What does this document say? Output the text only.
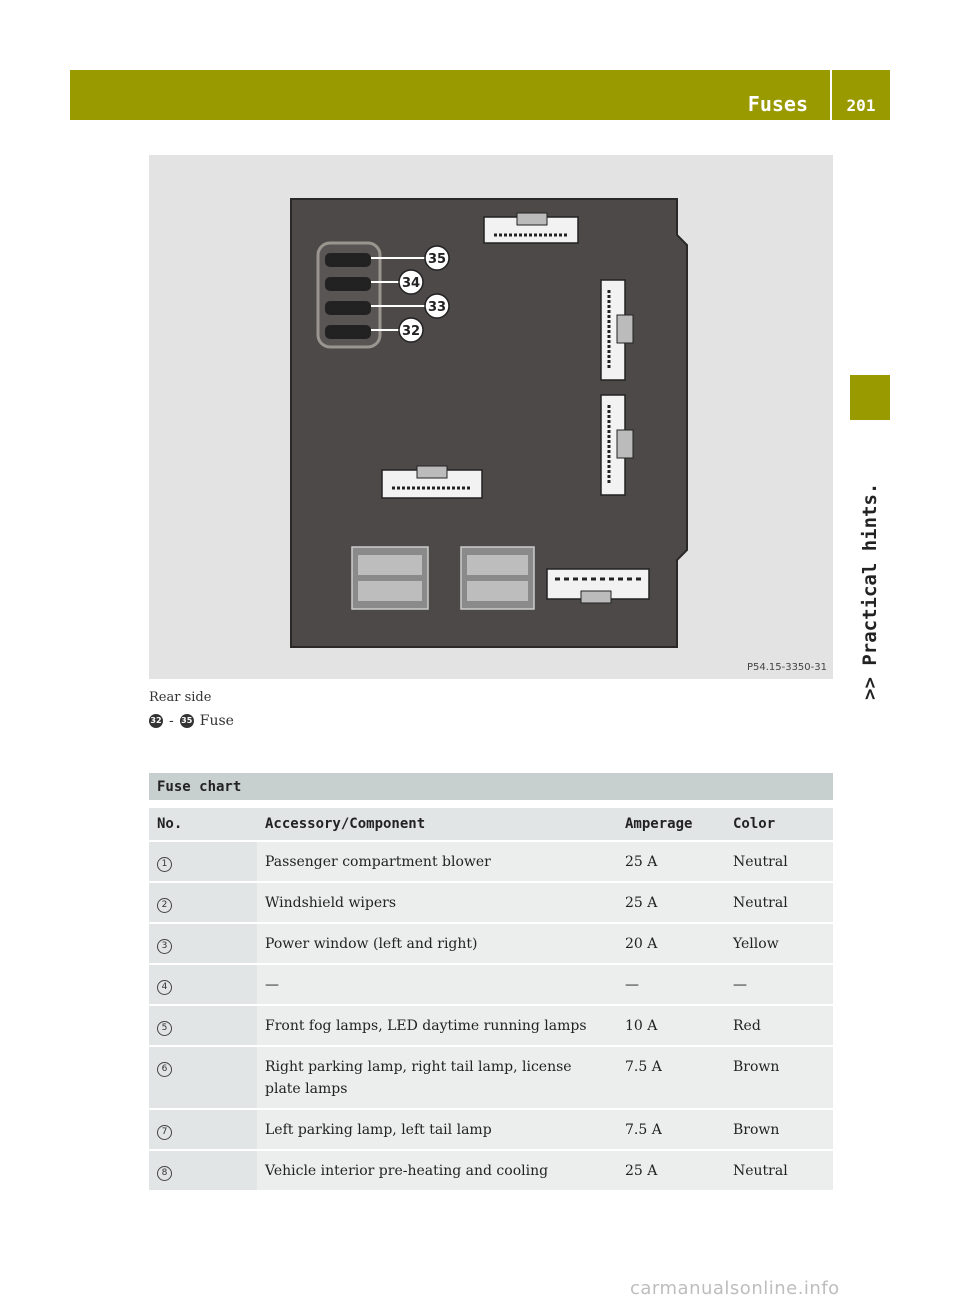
Fuses	201
>> Practical hints.
35
34
33
32
P54.15-3350-31
Rear side
32 - 35 Fuse
Fuse chart			

No.	Accessory/Component	Amperage	Color
1	Passenger compartment blower	25 A	Neutral
2	Windshield wipers	25 A	Neutral
3	Power window (left and right)	20 A	Yellow
4	—	—	—
5	Front fog lamps, LED daytime running lamps	10 A	Red
6	Right parking lamp, right tail lamp, license plate lamps	7.5 A	Brown
7	Left parking lamp, left tail lamp	7.5 A	Brown
8	Vehicle interior pre-heating and cooling	25 A	Neutral
carmanualsonline.info
